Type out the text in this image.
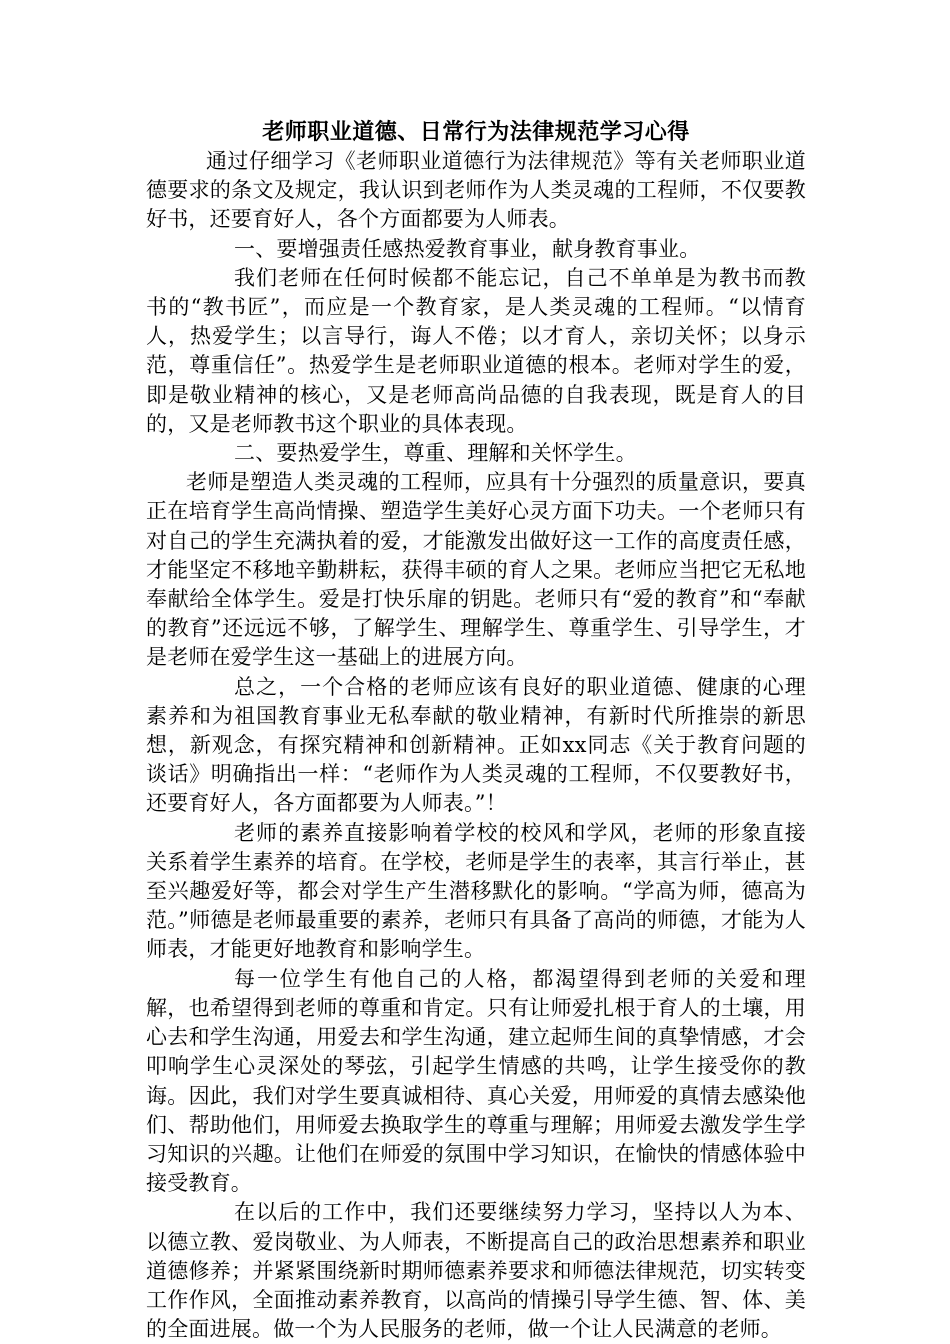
老师职业道德、日常行为法律规范学习心得

通过仔细学习《老师职业道德行为法律规范》等有关老师职业道德要求的条文及规定，我认识到老师作为人类灵魂的工程师，不仅要教好书，还要育好人，各个方面都要为人师表。

一、要增强责任感热爱教育事业，献身教育事业。

我们老师在任何时候都不能忘记，自己不单单是为教书而教书的“教书匠”，而应是一个教育家，是人类灵魂的工程师。“以情育人，热爱学生；以言导行，诲人不倦；以才育人，亲切关怀；以身示范，尊重信任”。热爱学生是老师职业道德的根本。老师对学生的爱，即是敬业精神的核心，又是老师高尚品德的自我表现，既是育人的目的，又是老师教书这个职业的具体表现。

二、要热爱学生，尊重、理解和关怀学生。

老师是塑造人类灵魂的工程师，应具有十分强烈的质量意识，要真正在培育学生高尚情操、塑造学生美好心灵方面下功夫。一个老师只有对自己的学生充满执着的爱，才能激发出做好这一工作的高度责任感，才能坚定不移地辛勤耕耘，获得丰硕的育人之果。老师应当把它无私地奉献给全体学生。爱是打快乐扉的钥匙。老师只有“爱的教育”和“奉献的教育”还远远不够，了解学生、理解学生、尊重学生、引导学生，才是老师在爱学生这一基础上的进展方向。

总之，一个合格的老师应该有良好的职业道德、健康的心理素养和为祖国教育事业无私奉献的敬业精神，有新时代所推崇的新思想，新观念，有探究精神和创新精神。正如xx同志《关于教育问题的谈话》明确指出一样：“老师作为人类灵魂的工程师，不仅要教好书，还要育好人，各方面都要为人师表。”！

老师的素养直接影响着学校的校风和学风，老师的形象直接关系着学生素养的培育。在学校，老师是学生的表率，其言行举止，甚至兴趣爱好等，都会对学生产生潜移默化的影响。“学高为师，德高为范。”师德是老师最重要的素养，老师只有具备了高尚的师德，才能为人师表，才能更好地教育和影响学生。

每一位学生有他自己的人格，都渴望得到老师的关爱和理解，也希望得到老师的尊重和肯定。只有让师爱扎根于育人的土壤，用心去和学生沟通，用爱去和学生沟通，建立起师生间的真挚情感，才会叩响学生心灵深处的琴弦，引起学生情感的共鸣，让学生接受你的教诲。因此，我们对学生要真诚相待、真心关爱，用师爱的真情去感染他们、帮助他们，用师爱去换取学生的尊重与理解；用师爱去激发学生学习知识的兴趣。让他们在师爱的氛围中学习知识，在愉快的情感体验中接受教育。

在以后的工作中，我们还要继续努力学习，坚持以人为本、以德立教、爱岗敬业、为人师表，不断提高自己的政治思想素养和职业道德修养；并紧紧围绕新时期师德素养要求和师德法律规范，切实转变工作作风，全面推动素养教育，以高尚的情操引导学生德、智、体、美的全面进展。做一个为人民服务的老师，做一个让人民满意的老师。
